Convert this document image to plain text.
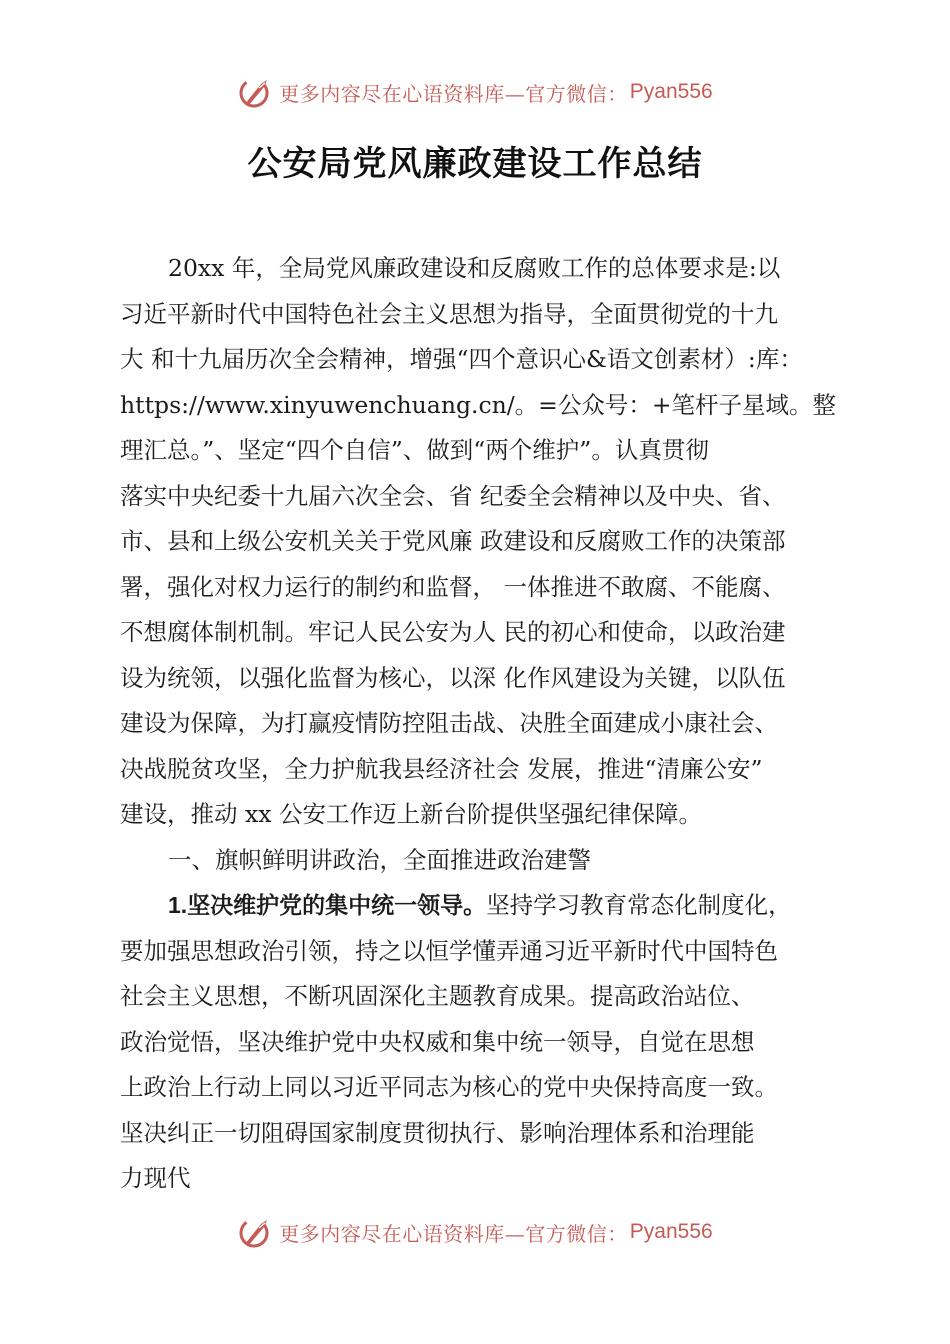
更多内容尽在心语资料库—官方微信： Pyan556
公安局党风廉政建设工作总结

20xx 年，全局党风廉政建设和反腐败工作的总体要求是:以

习近平新时代中国特色社会主义思想为指导，全面贯彻党的十九

大 和十九届历次全会精神，增强“四个意识心&语文创素材）:库：

https://www.xinyuwenchuang.cn/。=公众号：+笔杆子星域。整

理汇总。”、坚定“四个自信”、做到“两个维护”。认真贯彻

落实中央纪委十九届六次全会、省 纪委全会精神以及中央、省、

市、县和上级公安机关关于党风廉 政建设和反腐败工作的决策部

署，强化对权力运行的制约和监督， 一体推进不敢腐、不能腐、

不想腐体制机制。牢记人民公安为人 民的初心和使命，以政治建

设为统领，以强化监督为核心，以深 化作风建设为关键，以队伍

建设为保障，为打赢疫情防控阻击战、决胜全面建成小康社会、

决战脱贫攻坚，全力护航我县经济社会 发展，推进“清廉公安”

建设，推动 xx 公安工作迈上新台阶提供坚强纪律保障。

一、旗帜鲜明讲政治，全面推进政治建警

1.坚决维护党的集中统一领导。坚持学习教育常态化制度化，

要加强思想政治引领，持之以恒学懂弄通习近平新时代中国特色

社会主义思想，不断巩固深化主题教育成果。提高政治站位、

政治觉悟，坚决维护党中央权威和集中统一领导，自觉在思想

上政治上行动上同以习近平同志为核心的党中央保持高度一致。

坚决纠正一切阻碍国家制度贯彻执行、影响治理体系和治理能

力现代

更多内容尽在心语资料库—官方微信： Pyan556
